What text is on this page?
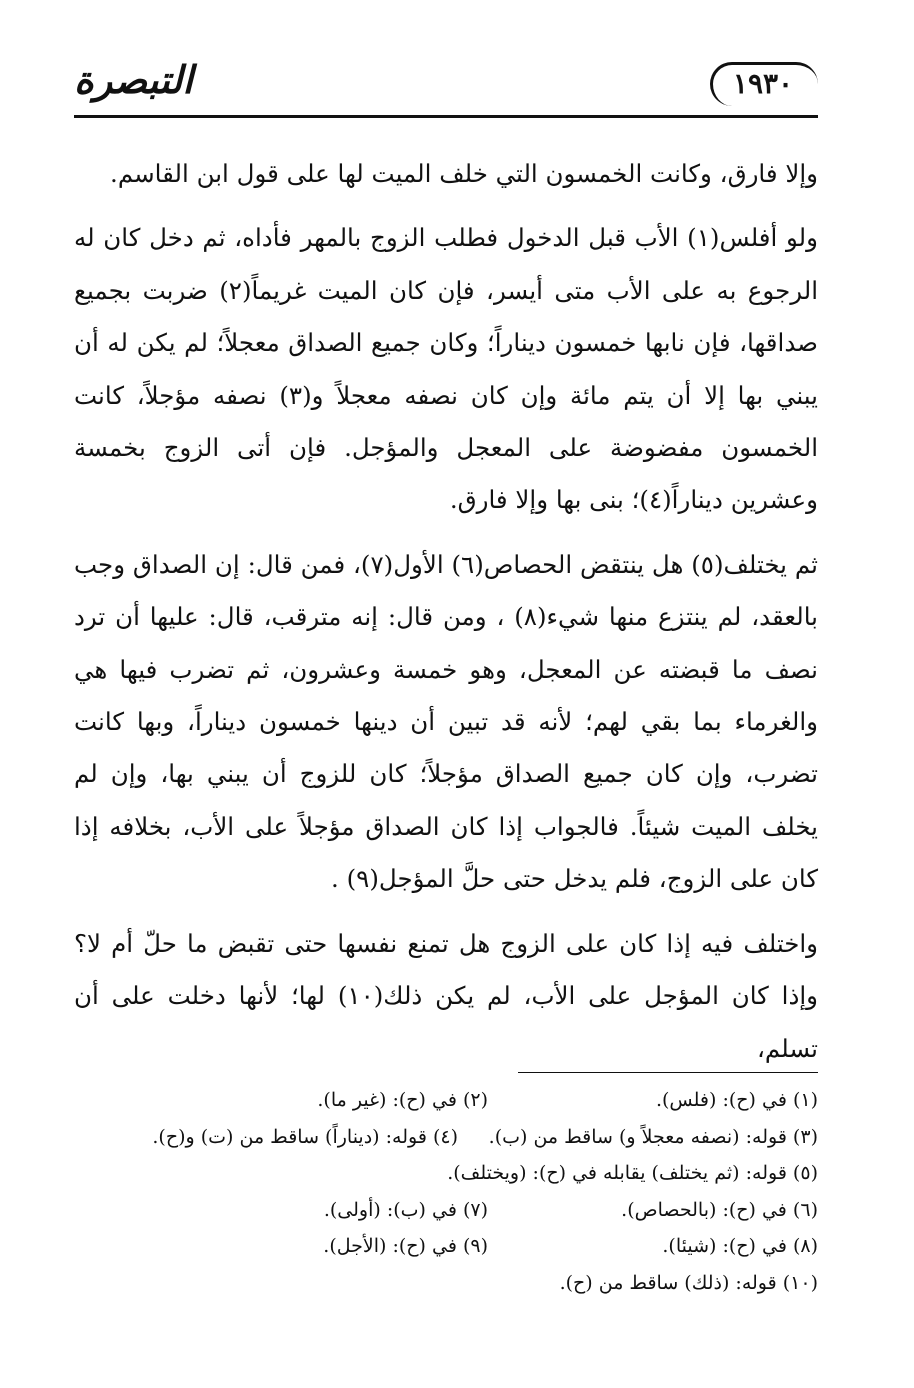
التبصرة	١٩٣٠

وإلا فارق، وكانت الخمسون التي خلف الميت لها على قول ابن القاسم.

ولو أفلس(١) الأب قبل الدخول فطلب الزوج بالمهر فأداه، ثم دخل كان له الرجوع به على الأب متى أيسر، فإن كان الميت غريماً(٢) ضربت بجميع صداقها، فإن نابها خمسون ديناراً؛ وكان جميع الصداق معجلاً؛ لم يكن له أن يبني بها إلا أن يتم مائة وإن كان نصفه معجلاً و(٣) نصفه مؤجلاً، كانت الخمسون مفضوضة على المعجل والمؤجل. فإن أتى الزوج بخمسة وعشرين ديناراً(٤)؛ بنى بها وإلا فارق.

ثم يختلف(٥) هل ينتقض الحصاص(٦) الأول(٧)، فمن قال: إن الصداق وجب بالعقد، لم ينتزع منها شيء(٨) ، ومن قال: إنه مترقب، قال: عليها أن ترد نصف ما قبضته عن المعجل، وهو خمسة وعشرون، ثم تضرب فيها هي والغرماء بما بقي لهم؛ لأنه قد تبين أن دينها خمسون ديناراً، وبها كانت تضرب، وإن كان جميع الصداق مؤجلاً؛ كان للزوج أن يبني بها، وإن لم يخلف الميت شيئاً. فالجواب إذا كان الصداق مؤجلاً على الأب، بخلافه إذا كان على الزوج، فلم يدخل حتى حلَّ المؤجل(٩) .

واختلف فيه إذا كان على الزوج هل تمنع نفسها حتى تقبض ما حلّ أم لا؟ وإذا كان المؤجل على الأب، لم يكن ذلك(١٠) لها؛ لأنها دخلت على أن تسلم،

(١) في (ح): (فلس).
(٢) في (ح): (غير ما).
(٣) قوله: (نصفه معجلاً و) ساقط من (ب).
(٤) قوله: (ديناراً) ساقط من (ت) و(ح).
(٥) قوله: (ثم يختلف) يقابله في (ح): (ويختلف).
(٦) في (ح): (بالحصاص).
(٧) في (ب): (أولى).
(٨) في (ح): (شيئا).
(٩) في (ح): (الأجل).
(١٠) قوله: (ذلك) ساقط من (ح).
